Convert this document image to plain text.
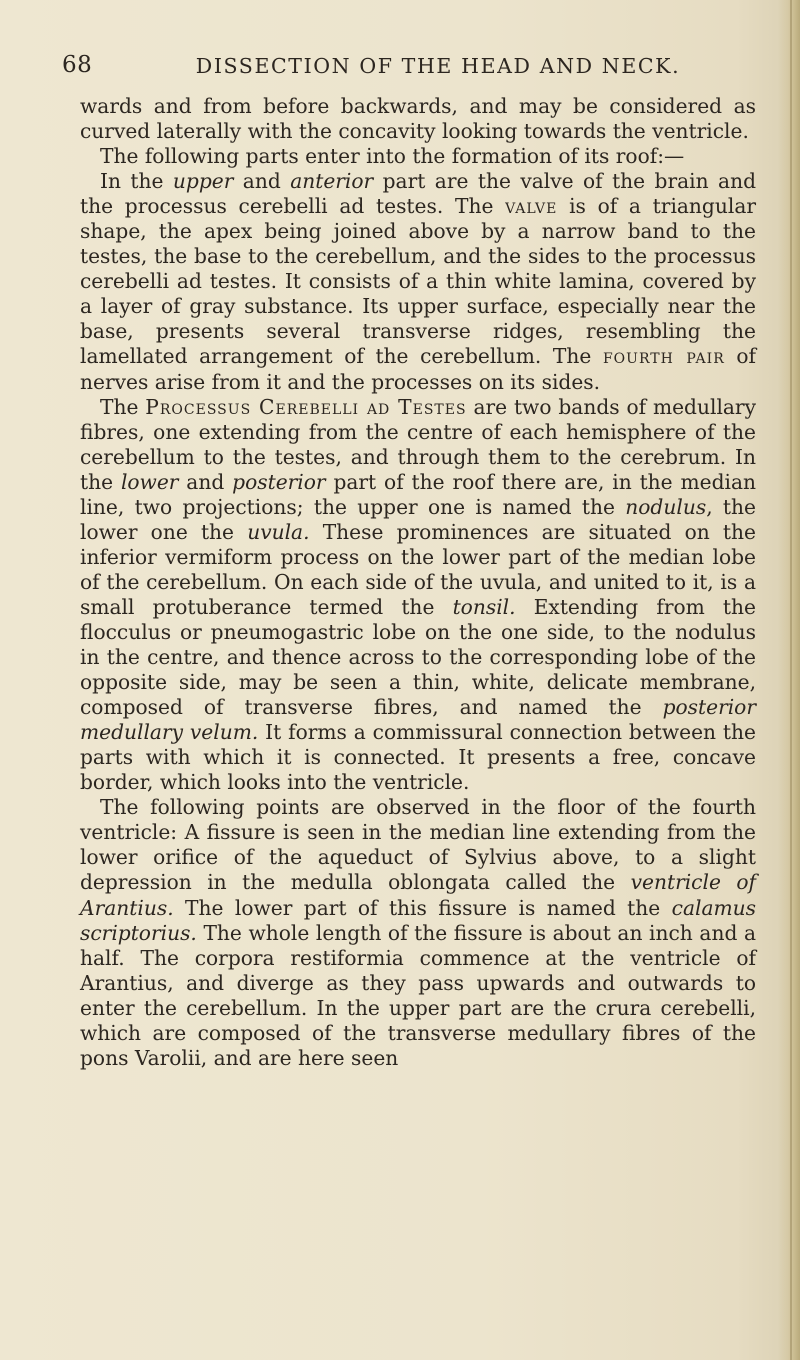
68	DISSECTION OF THE HEAD AND NECK.

wards and from before backwards, and may be considered as curved laterally with the concavity looking towards the ventricle.

The following parts enter into the formation of its roof:—

In the upper and anterior part are the valve of the brain and the processus cerebelli ad testes. The valve is of a triangular shape, the apex being joined above by a narrow band to the testes, the base to the cerebellum, and the sides to the processus cerebelli ad testes. It consists of a thin white lamina, covered by a layer of gray substance. Its upper surface, especially near the base, presents several transverse ridges, resembling the lamellated arrangement of the cerebellum. The fourth pair of nerves arise from it and the processes on its sides.

The Processus Cerebelli ad Testes are two bands of medullary fibres, one extending from the centre of each hemisphere of the cerebellum to the testes, and through them to the cerebrum. In the lower and posterior part of the roof there are, in the median line, two projections; the upper one is named the nodulus, the lower one the uvula. These prominences are situated on the inferior vermiform process on the lower part of the median lobe of the cerebellum. On each side of the uvula, and united to it, is a small protuberance termed the tonsil. Extending from the flocculus or pneumogastric lobe on the one side, to the nodulus in the centre, and thence across to the corresponding lobe of the opposite side, may be seen a thin, white, delicate membrane, composed of transverse fibres, and named the posterior medullary velum. It forms a commissural connection between the parts with which it is connected. It presents a free, concave border, which looks into the ventricle.

The following points are observed in the floor of the fourth ventricle: A fissure is seen in the median line extending from the lower orifice of the aqueduct of Sylvius above, to a slight depression in the medulla oblongata called the ventricle of Arantius. The lower part of this fissure is named the calamus scriptorius. The whole length of the fissure is about an inch and a half. The corpora restiformia commence at the ventricle of Arantius, and diverge as they pass upwards and outwards to enter the cerebellum. In the upper part are the crura cerebelli, which are composed of the transverse medullary fibres of the pons Varolii, and are here seen
